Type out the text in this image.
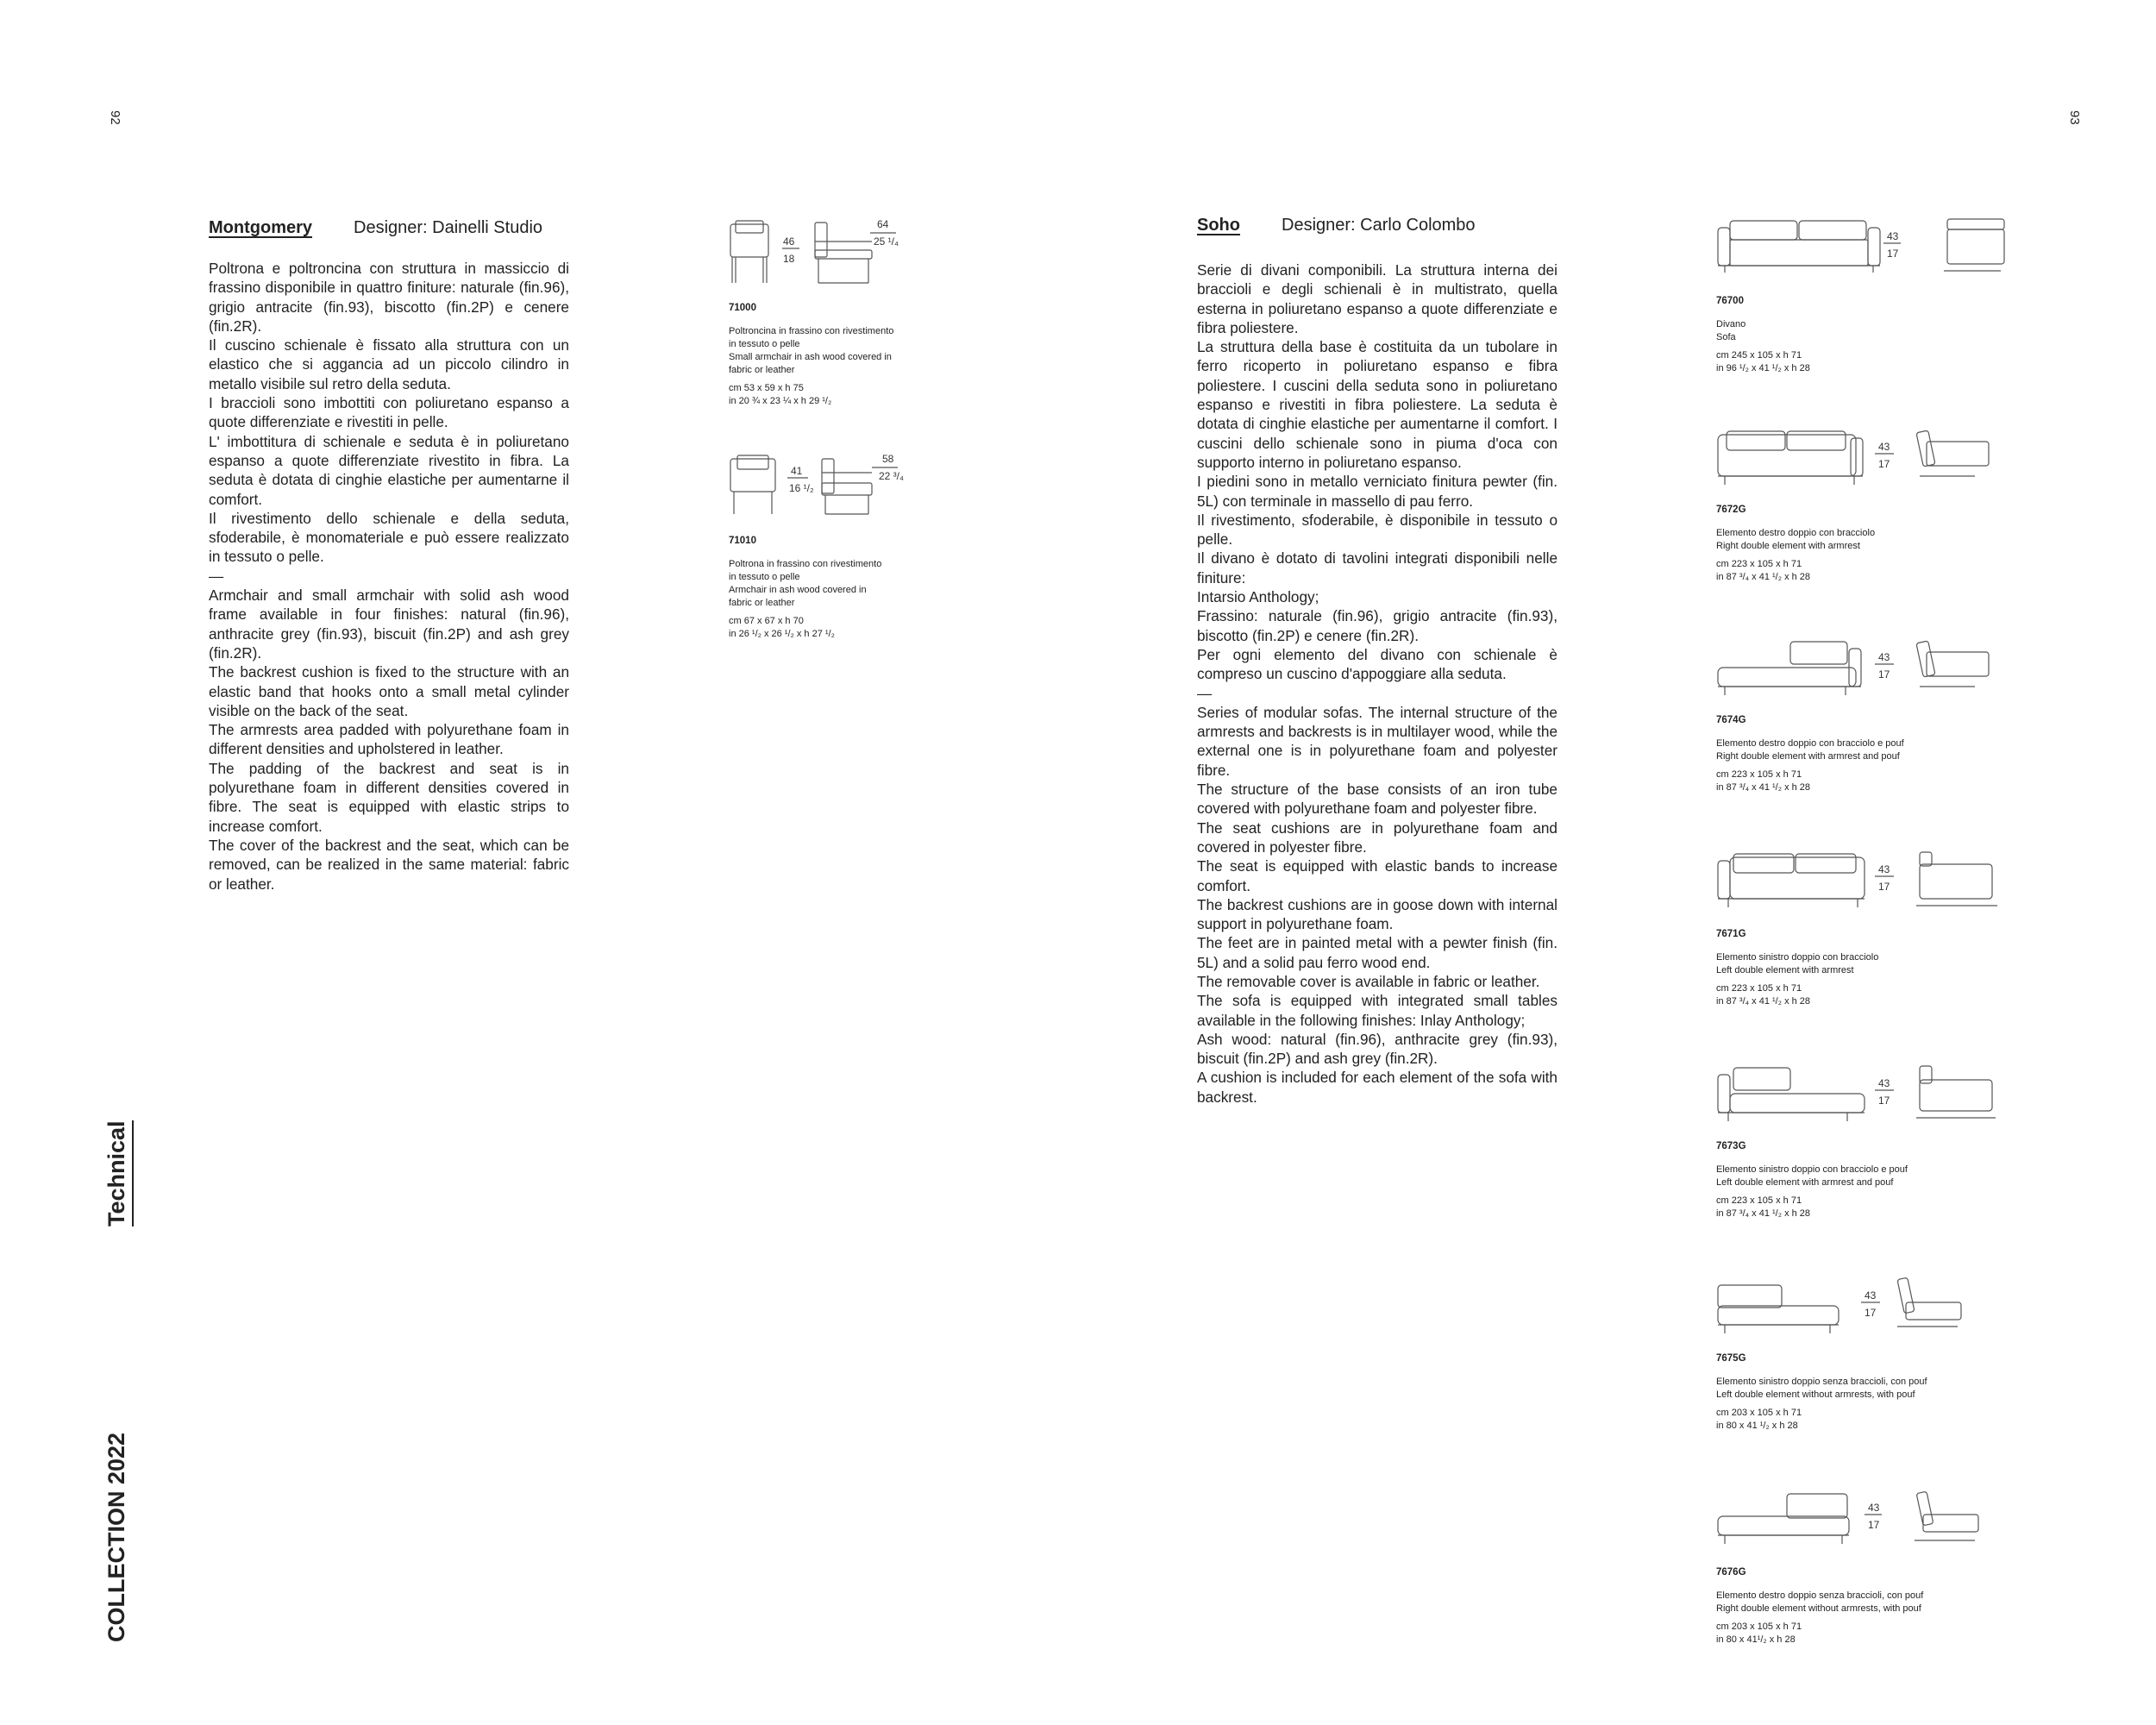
92	93
Technical
COLLECTION 2022
Montgomery Designer: Dainelli Studio

Poltrona e poltroncina con struttura in massiccio di frassino disponibile in quattro finiture: naturale (fin.96), grigio antracite (fin.93), biscotto (fin.2P) e cenere (fin.2R).

Il cuscino schienale è fissato alla struttura con un elastico che si aggancia ad un piccolo cilindro in metallo visibile sul retro della seduta.

I braccioli sono imbottiti con poliuretano espanso a quote differenziate e rivestiti in pelle.

L' imbottitura di schienale e seduta è in poliuretano espanso a quote differenziate rivestito in fibra. La seduta è dotata di cinghie elastiche per aumentarne il comfort.

Il rivestimento dello schienale e della seduta, sfoderabile, è monomateriale e può essere realizzato in tessuto o pelle.

—

Armchair and small armchair with solid ash wood frame available in four finishes: natural (fin.96), anthracite grey (fin.93), biscuit (fin.2P) and ash grey (fin.2R).

The backrest cushion is fixed to the structure with an elastic band that hooks onto a small metal cylinder visible on the back of the seat.

The armrests area padded with polyurethane foam in different densities and upholstered in leather.

The padding of the backrest and seat is in polyurethane foam in different densities covered in fibre. The seat is equipped with elastic strips to increase comfort.

The cover of the backrest and the seat, which can be removed, can be realized in the same material: fabric or leather.

46
18
64
25 ¹/₄
71000

Poltroncina in frassino con rivestimento

in tessuto o pelle

Small armchair in ash wood covered in

fabric or leather

cm 53 x 59 x h 75

in 20 ¾ x 23 ¼ x h 29 ¹/₂

41
16 ¹/₂
58
22 ³/₄
71010

Poltrona in frassino con rivestimento

in tessuto o pelle

Armchair in ash wood covered in

fabric or leather

cm 67 x 67 x h 70

in 26 ¹/₂ x 26 ¹/₂ x h 27 ¹/₂

Soho Designer: Carlo Colombo

Serie di divani componibili. La struttura interna dei braccioli e degli schienali è in multistrato, quella esterna in poliuretano espanso a quote differenziate e fibra poliestere.

La struttura della base è costituita da un tubolare in ferro ricoperto in poliuretano espanso e fibra poliestere. I cuscini della seduta sono in poliuretano espanso e rivestiti in fibra poliestere. La seduta è dotata di cinghie elastiche per aumentarne il comfort. I cuscini dello schienale sono in piuma d'oca con supporto interno in poliuretano espanso.

I piedini sono in metallo verniciato finitura pewter (fin. 5L) con terminale in massello di pau ferro.

Il rivestimento, sfoderabile, è disponibile in tessuto o pelle.

Il divano è dotato di tavolini integrati disponibili nelle finiture:

Intarsio Anthology;

Frassino: naturale (fin.96), grigio antracite (fin.93), biscotto (fin.2P) e cenere (fin.2R).

Per ogni elemento del divano con schienale è compreso un cuscino d'appoggiare alla seduta.

—

Series of modular sofas. The internal structure of the armrests and backrests is in multilayer wood, while the external one is in polyurethane foam and polyester fibre.

The structure of the base consists of an iron tube covered with polyurethane foam and polyester fibre.

The seat cushions are in polyurethane foam and covered in polyester fibre.

The seat is equipped with elastic bands to increase comfort.

The backrest cushions are in goose down with internal support in polyurethane foam.

The feet are in painted metal with a pewter finish (fin. 5L) and a solid pau ferro wood end.

The removable cover is available in fabric or leather.

The sofa is equipped with integrated small tables available in the following finishes: Inlay Anthology;

Ash wood: natural (fin.96), anthracite grey (fin.93), biscuit (fin.2P) and ash grey (fin.2R).

A cushion is included for each element of the sofa with backrest.

43
17
76700

Divano

Sofa

cm 245 x 105 x h 71

in 96 ¹/₂ x 41 ¹/₂ x h 28

43
17
7672G

Elemento destro doppio con bracciolo

Right double element with armrest

cm 223 x 105 x h 71

in 87 ³/₄ x 41 ¹/₂ x h 28

43
17
7674G

Elemento destro doppio con bracciolo e pouf

Right double element with armrest and pouf

cm 223 x 105 x h 71

in 87 ³/₄ x 41 ¹/₂ x h 28

43
17
7671G

Elemento sinistro doppio con bracciolo

Left double element with armrest

cm 223 x 105 x h 71

in 87 ³/₄ x 41 ¹/₂ x h 28

43
17
7673G

Elemento sinistro doppio con bracciolo e pouf

Left double element with armrest and pouf

cm 223 x 105 x h 71

in 87 ³/₄ x 41 ¹/₂ x h 28

43
17
7675G

Elemento sinistro doppio senza braccioli, con pouf

Left double element without armrests, with pouf

cm 203 x 105 x h 71

in 80 x 41 ¹/₂ x h 28

43
17
7676G

Elemento destro doppio senza braccioli, con pouf

Right double element without armrests, with pouf

cm 203 x 105 x h 71

in 80 x 41¹/₂ x h 28
